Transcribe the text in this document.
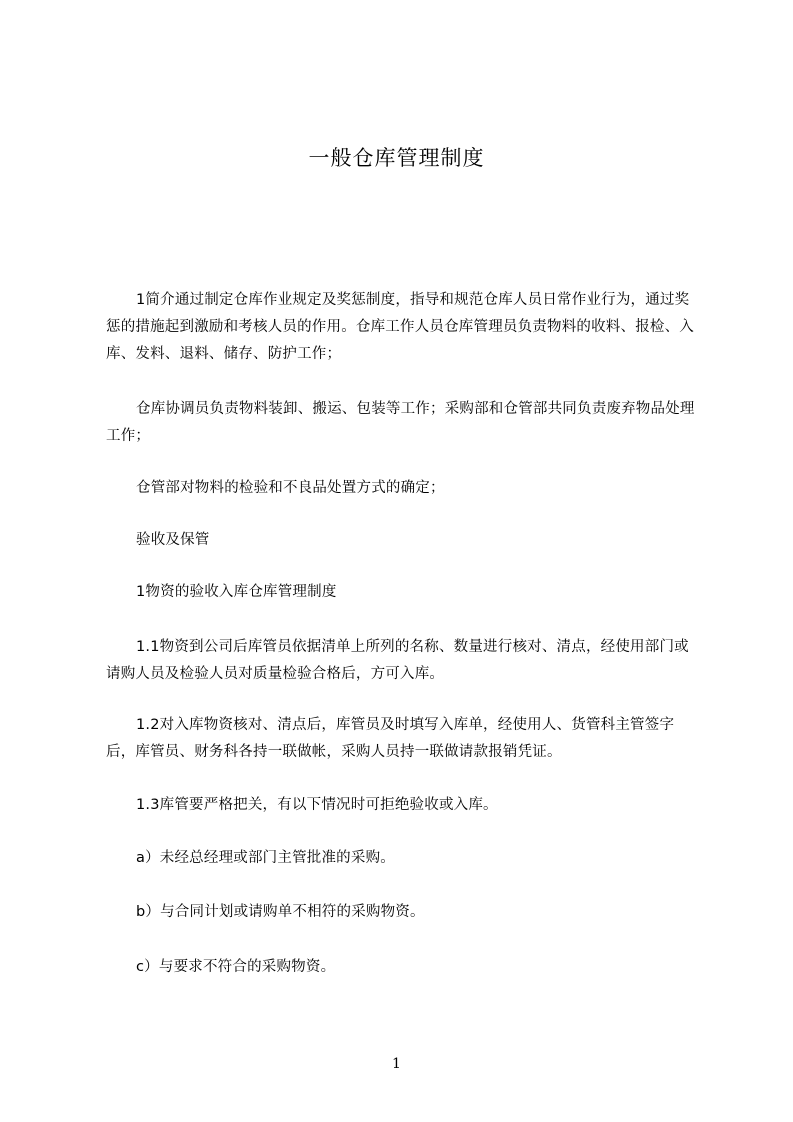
一般仓库管理制度
1简介通过制定仓库作业规定及奖惩制度，指导和规范仓库人员日常作业行为，通过奖惩的措施起到激励和考核人员的作用。仓库工作人员仓库管理员负责物料的收料、报检、入库、发料、退料、储存、防护工作；
仓库协调员负责物料装卸、搬运、包装等工作；采购部和仓管部共同负责废弃物品处理工作；
仓管部对物料的检验和不良品处置方式的确定；
验收及保管
1物资的验收入库仓库管理制度
1.1物资到公司后库管员依据清单上所列的名称、数量进行核对、清点，经使用部门或请购人员及检验人员对质量检验合格后，方可入库。
1.2对入库物资核对、清点后，库管员及时填写入库单，经使用人、货管科主管签字后，库管员、财务科各持一联做帐，采购人员持一联做请款报销凭证。
1.3库管要严格把关，有以下情况时可拒绝验收或入库。
a）未经总经理或部门主管批准的采购。
b）与合同计划或请购单不相符的采购物资。
c）与要求不符合的采购物资。
1
